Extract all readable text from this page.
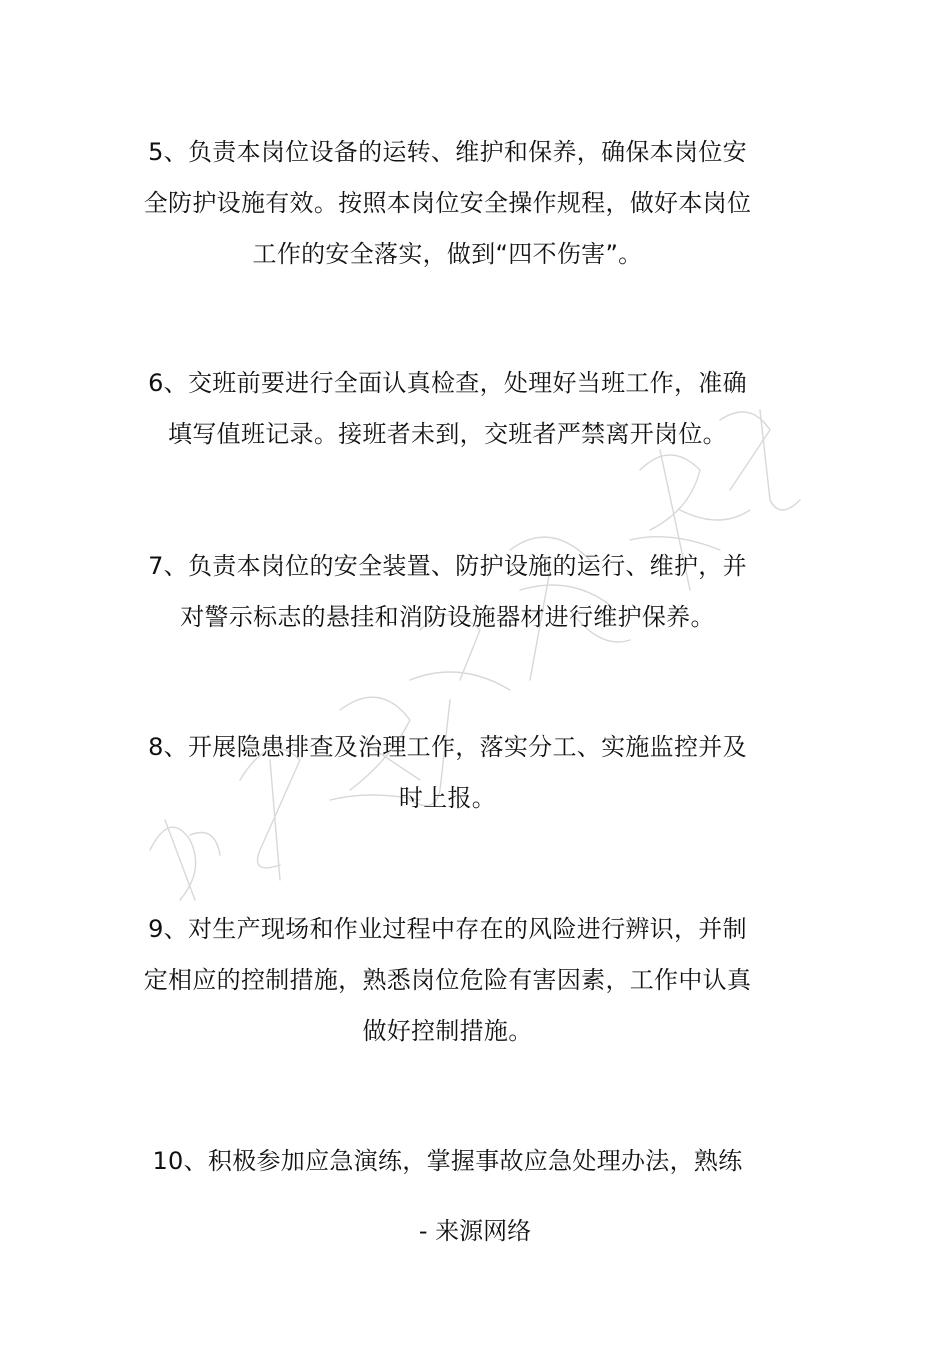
5、负责本岗位设备的运转、维护和保养，确保本岗位安全防护设施有效。按照本岗位安全操作规程，做好本岗位工作的安全落实，做到“四不伤害”。

6、交班前要进行全面认真检查，处理好当班工作，准确填写值班记录。接班者未到，交班者严禁离开岗位。

7、负责本岗位的安全装置、防护设施的运行、维护，并对警示标志的悬挂和消防设施器材进行维护保养。

8、开展隐患排查及治理工作，落实分工、实施监控并及时上报。

9、对生产现场和作业过程中存在的风险进行辨识，并制定相应的控制措施，熟悉岗位危险有害因素，工作中认真做好控制措施。

10、积极参加应急演练，掌握事故应急处理办法，熟练

- 来源网络
